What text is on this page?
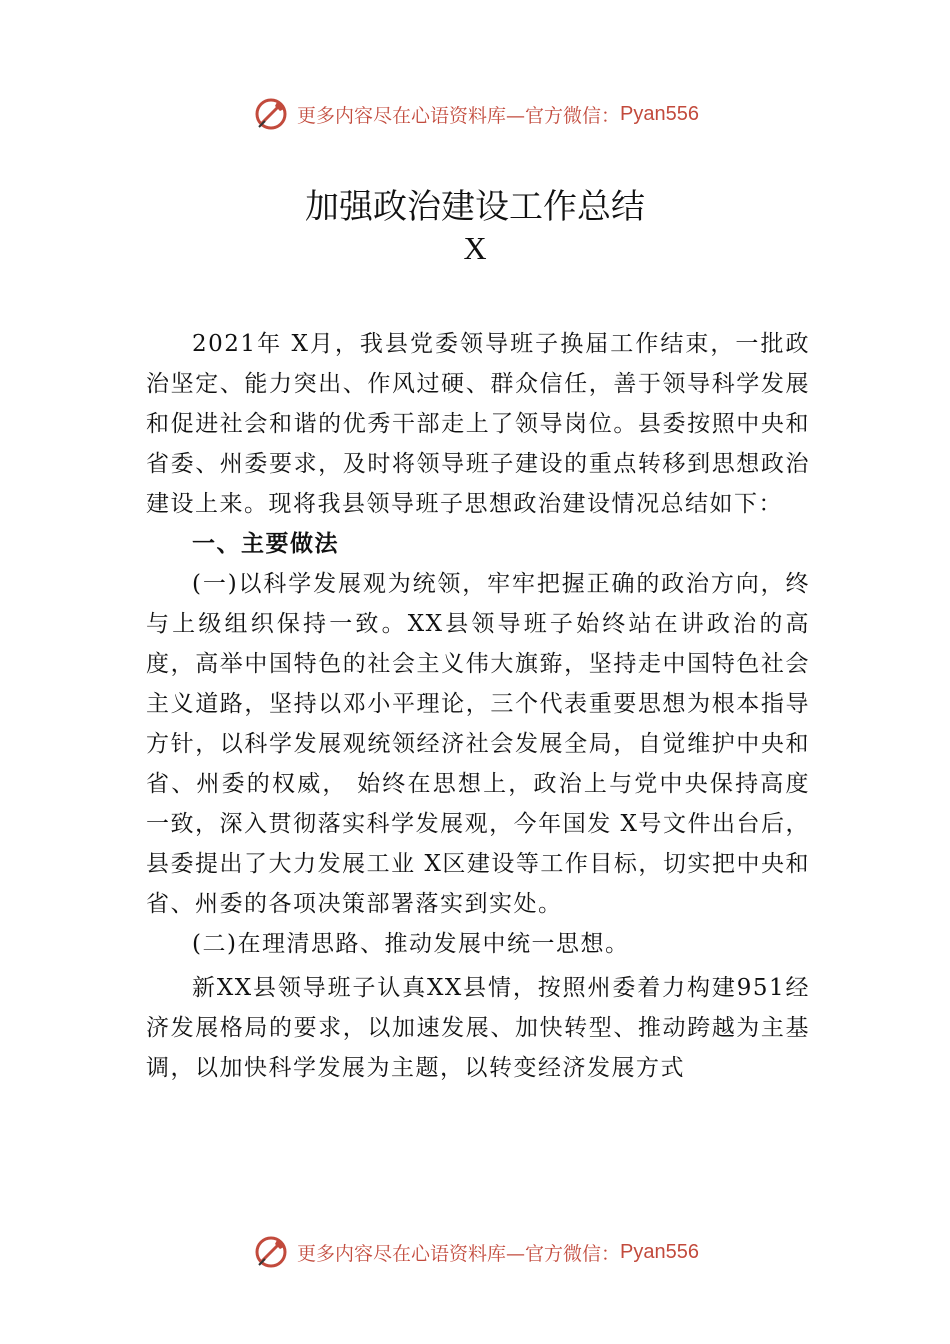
更多内容尽在心语资料库—官方微信： Pyan556
加强政治建设工作总结
X

2021年 X月，我县党委领导班子换届工作结束，一批政治坚定、能力突出、作风过硬、群众信任，善于领导科学发展和促进社会和谐的优秀干部走上了领导岗位。县委按照中央和省委、州委要求，及时将领导班子建设的重点转移到思想政治建设上来。现将我县领导班子思想政治建设情况总结如下：

一、主要做法

(一)以科学发展观为统领，牢牢把握正确的政治方向，终与上级组织保持一致。XX县领导班子始终站在讲政治的高度，高举中国特色的社会主义伟大旗臶，坚持走中国特色社会主义道路，坚持以邓小平理论，三个代表重要思想为根本指导方针，以科学发展观统领经济社会发展全局，自觉维护中央和省、州委的权威， 始终在思想上，政治上与党中央保持高度一致，深入贯彻落实科学发展观，今年国发 X号文件出台后，县委提出了大力发展工业 X区建设等工作目标，切实把中央和省、州委的各项决策部署落实到实处。

(二)在理清思路、推动发展中统一思想。

新XX县领导班子认真XX县情，按照州委着力构建951经济发展格局的要求，以加速发展、加快转型、推动跨越为主基调，以加快科学发展为主题，以转变经济发展方式

更多内容尽在心语资料库—官方微信： Pyan556
